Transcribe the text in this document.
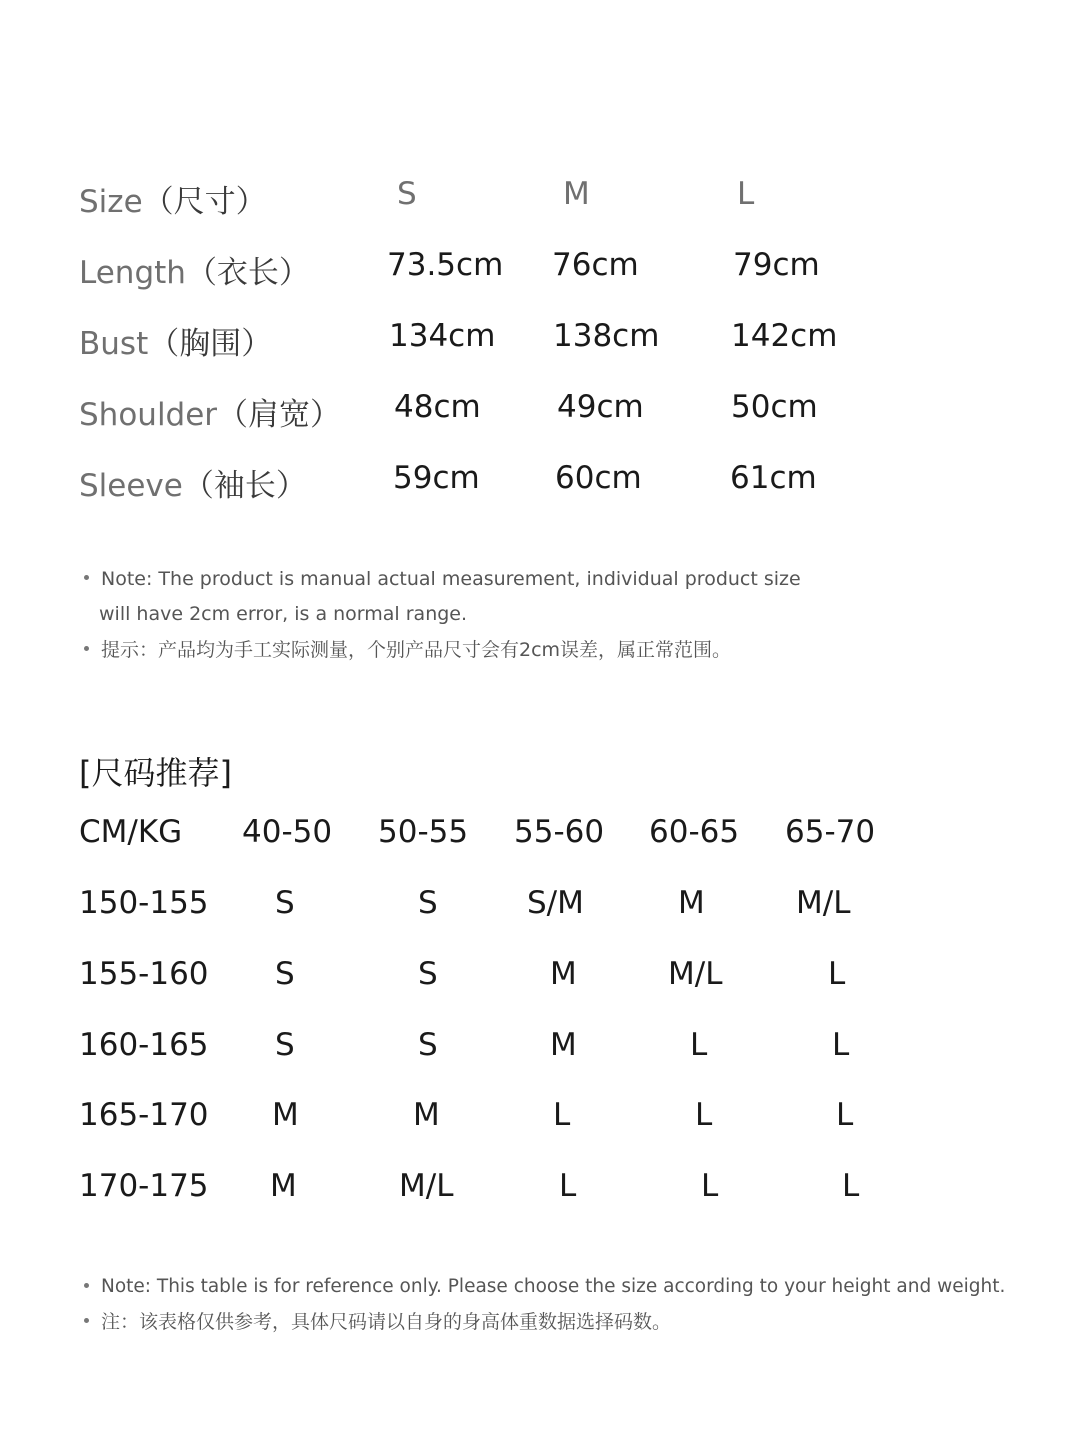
Size（尺寸）	S	M	L
Length（衣长） 73.5cm 76cm	79cm
Bust（胸围）	134cm 138cm 142cm
Shoulder（肩宽） 48cm 49cm	50cm
Sleeve（袖长）	59cm 60cm	61cm
Note: The product is manual actual measurement, individual product size
will have 2cm error, is a normal range.
提示：产品均为手工实际测量，个别产品尺寸会有2cm误差，属正常范围。
[尺码推荐]
CM/KG 40-50 50-55 55-60 60-65 65-70
150-155 S	S	S/M	M	M/L
155-160 S	S	M	M/L	L
160-165 S	S	M	L	L
165-170 M	M	L	L	L
170-175 M	M/L	L	L	L
Note: This table is for reference only. Please choose the size according to your height and weight.
注：该表格仅供参考，具体尺码请以自身的身高体重数据选择码数。
